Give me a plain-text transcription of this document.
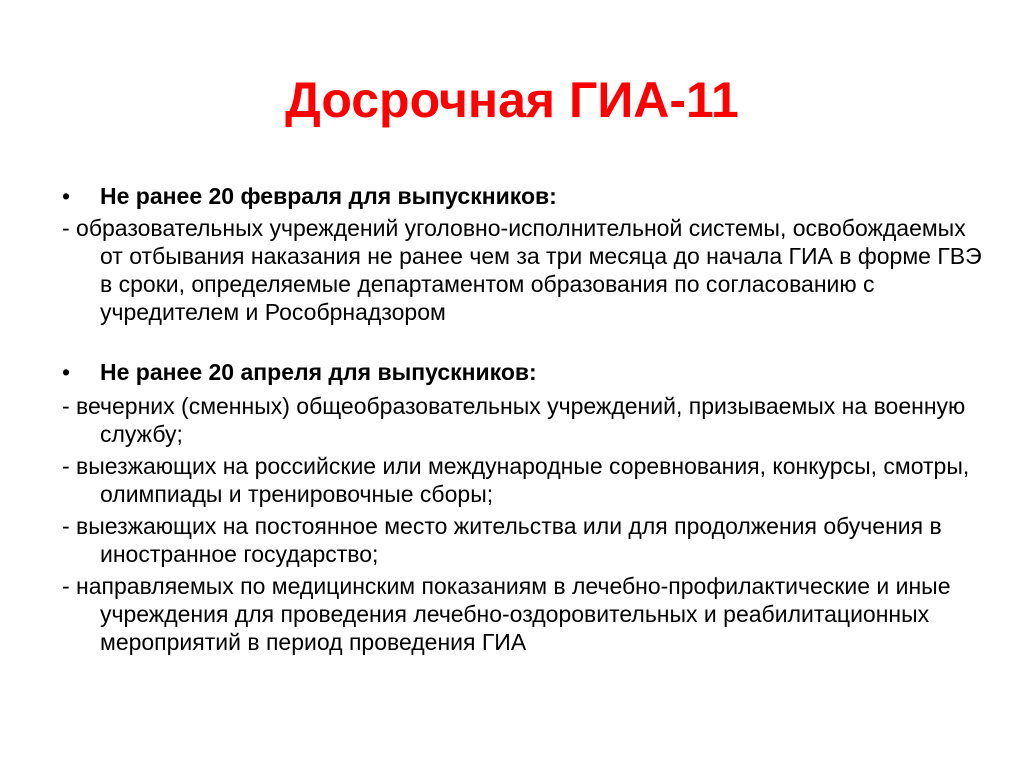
Досрочная ГИА-11
• Не ранее 20 февраля для выпускников:
- образовательных учреждений уголовно-исполнительной системы, освобождаемых от отбывания наказания не ранее чем за три месяца до начала ГИА в форме ГВЭ в сроки, определяемые департаментом образования по согласованию с учредителем и Рособрнадзором
• Не ранее 20 апреля для выпускников:
- вечерних (сменных) общеобразовательных учреждений, призываемых на военную службу;
- выезжающих на российские или международные соревнования, конкурсы, смотры, олимпиады и тренировочные сборы;
- выезжающих на постоянное место жительства или для продолжения обучения в иностранное государство;
- направляемых по медицинским показаниям в лечебно-профилактические и иные учреждения для проведения лечебно-оздоровительных и реабилитационных мероприятий в период проведения ГИА
